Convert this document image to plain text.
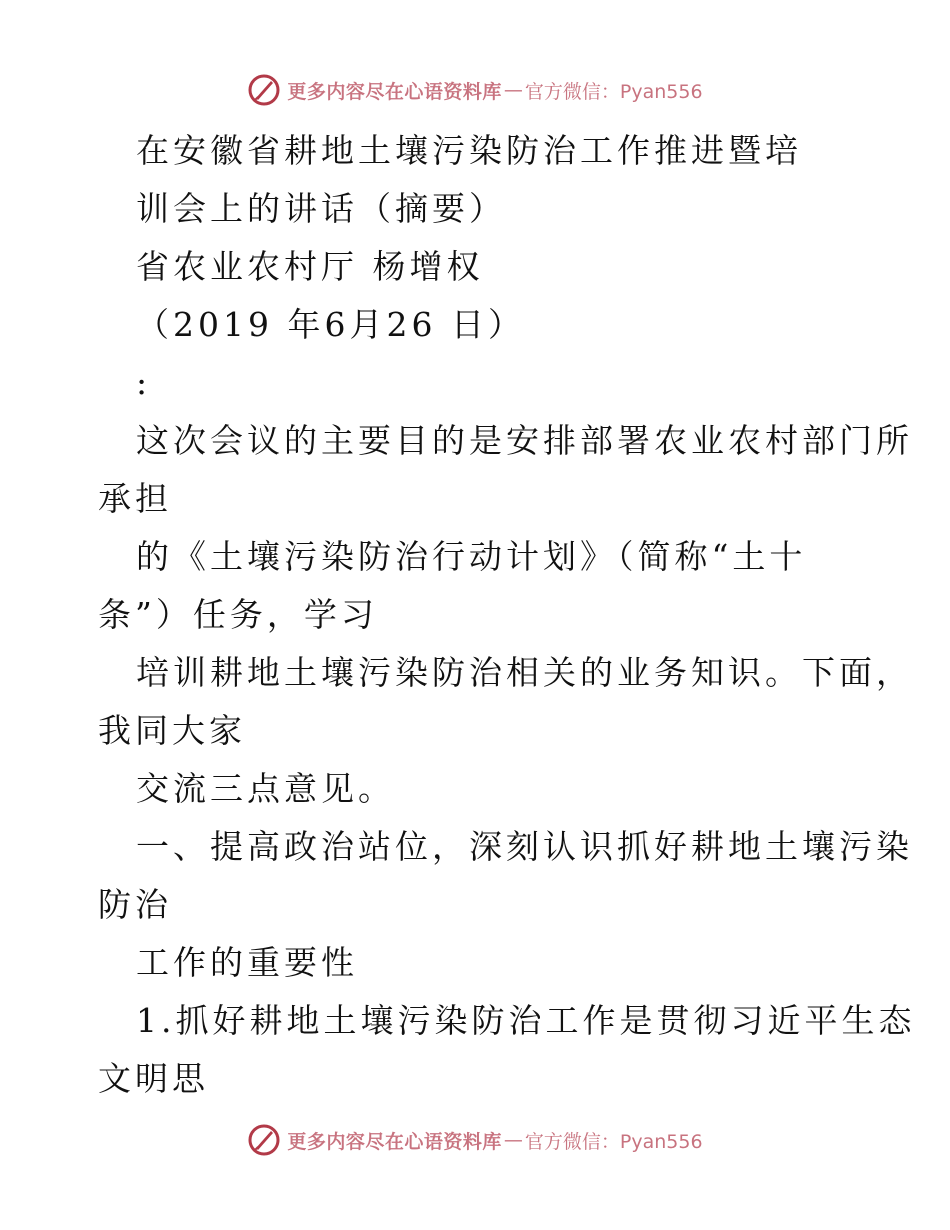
更多内容尽在心语资料库 — 官方微信：Pyan556
在安徽省耕地土壤污染防治工作推进暨培
训会上的讲话（摘要）
省农业农村厅 杨增权
（2019 年6月26 日）
:
这次会议的主要目的是安排部署农业农村部门所
承担
的《土壤污染防治行动计划》（简称“土十
条”）任务，学习
培训耕地土壤污染防治相关的业务知识。下面，
我同大家
交流三点意见。
一、提高政治站位，深刻认识抓好耕地土壤污染
防治
工作的重要性
1.抓好耕地土壤污染防治工作是贯彻习近平生态
文明思
更多内容尽在心语资料库 — 官方微信：Pyan556
